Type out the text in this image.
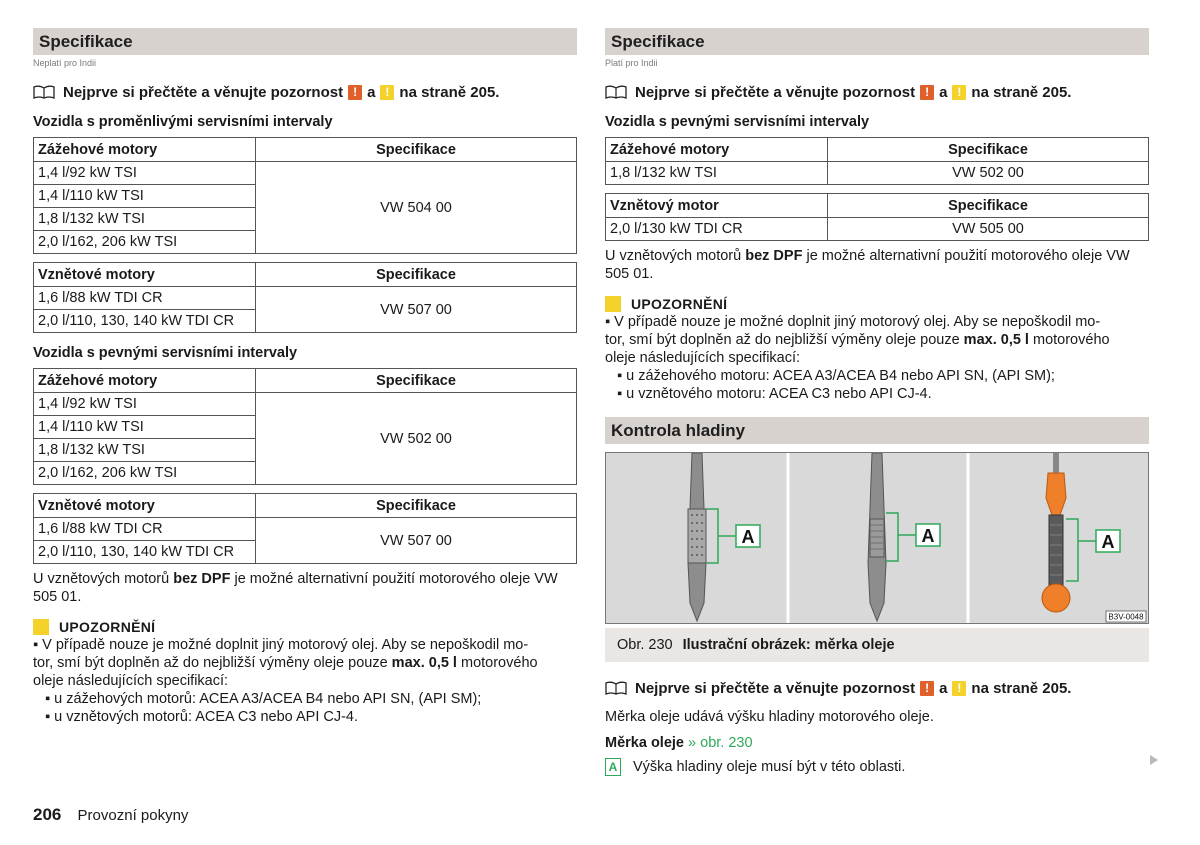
Specifikace
Neplatí pro Indii
Nejprve si přečtěte a věnujte pozornost ! a ! na straně 205.
Vozidla s proměnlivými servisními intervaly
Zážehové motory	Specifikace
1,4 l/92 kW TSI	VW 504 00
1,4 l/110 kW TSI	
1,8 l/132 kW TSI	
2,0 l/162, 206 kW TSI	
Vznětové motory	Specifikace
1,6 l/88 kW TDI CR	VW 507 00
2,0 l/110, 130, 140 kW TDI CR	
Vozidla s pevnými servisními intervaly
Zážehové motory	Specifikace
1,4 l/92 kW TSI	VW 502 00
1,4 l/110 kW TSI	
1,8 l/132 kW TSI	
2,0 l/162, 206 kW TSI	
Vznětové motory	Specifikace
1,6 l/88 kW TDI CR	VW 507 00
2,0 l/110, 130, 140 kW TDI CR	
U vznětových motorů bez DPF je možné alternativní použití motorového oleje VW 505 01.
UPOZORNĚNÍ
▪ V případě nouze je možné doplnit jiný motorový olej. Aby se nepoškodil mo-
tor, smí být doplněn až do nejbližší výměny oleje pouze max. 0,5 l motorového
oleje následujících specifikací:
▪ u zážehových motorů: ACEA A3/ACEA B4 nebo API SN, (API SM);
▪ u vznětových motorů: ACEA C3 nebo API CJ-4.
Specifikace
Platí pro Indii
Nejprve si přečtěte a věnujte pozornost ! a ! na straně 205.
Vozidla s pevnými servisními intervaly
Zážehové motory	Specifikace
1,8 l/132 kW TSI	VW 502 00
Vznětový motor	Specifikace
2,0 l/130 kW TDI CR	VW 505 00
U vznětových motorů bez DPF je možné alternativní použití motorového oleje VW 505 01.
UPOZORNĚNÍ
▪ V případě nouze je možné doplnit jiný motorový olej. Aby se nepoškodil mo-
tor, smí být doplněn až do nejbližší výměny oleje pouze max. 0,5 l motorového
oleje následujících specifikací:
▪ u zážehového motoru: ACEA A3/ACEA B4 nebo API SN, (API SM);
▪ u vznětového motoru: ACEA C3 nebo API CJ-4.
Kontrola hladiny
A	A	A
B3V-0048
Obr. 230 Ilustrační obrázek: měrka oleje
Nejprve si přečtěte a věnujte pozornost ! a ! na straně 205.
Měrka oleje udává výšku hladiny motorového oleje.
Měrka oleje » obr. 230
A Výška hladiny oleje musí být v této oblasti.
206 Provozní pokyny
